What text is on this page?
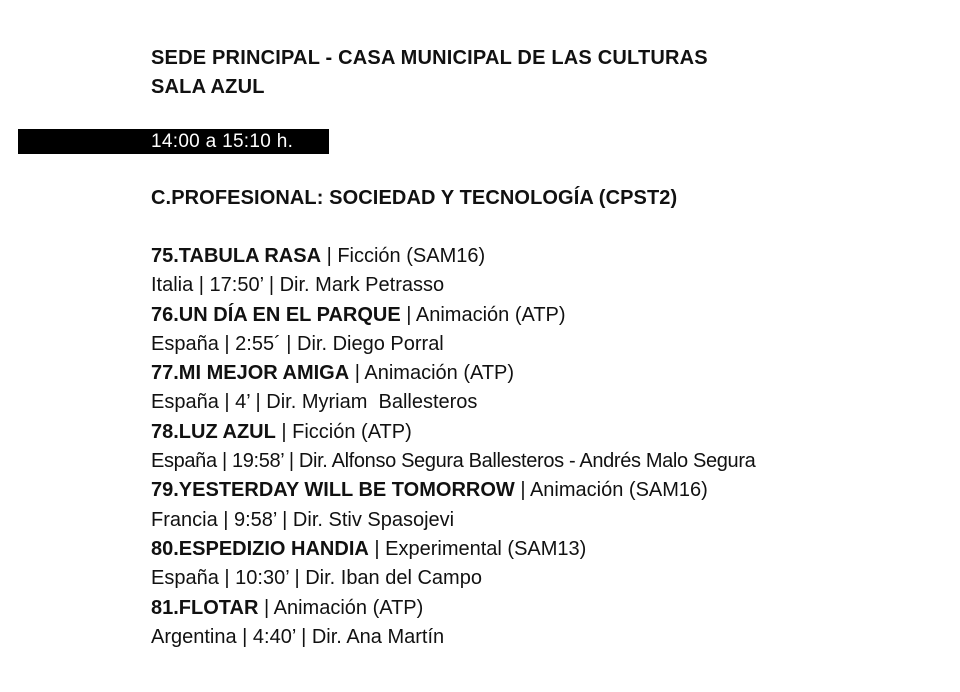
SEDE PRINCIPAL - CASA MUNICIPAL DE LAS CULTURAS
SALA AZUL
14:00 a 15:10 h.
C.PROFESIONAL: SOCIEDAD Y TECNOLOGÍA (CPST2)
75.TABULA RASA | Ficción (SAM16)
Italia | 17:50’ | Dir. Mark Petrasso
76.UN DÍA EN EL PARQUE | Animación (ATP)
España | 2:55´ | Dir. Diego Porral
77.MI MEJOR AMIGA | Animación (ATP)
España | 4’ | Dir. Myriam  Ballesteros
78.LUZ AZUL | Ficción (ATP)
España | 19:58’ | Dir. Alfonso Segura Ballesteros - Andrés Malo Segura
79.YESTERDAY WILL BE TOMORROW | Animación (SAM16)
Francia | 9:58’ | Dir. Stiv Spasojevi
80.ESPEDIZIO HANDIA | Experimental (SAM13)
España | 10:30’ | Dir. Iban del Campo
81.FLOTAR | Animación (ATP)
Argentina | 4:40’ | Dir. Ana Martín
